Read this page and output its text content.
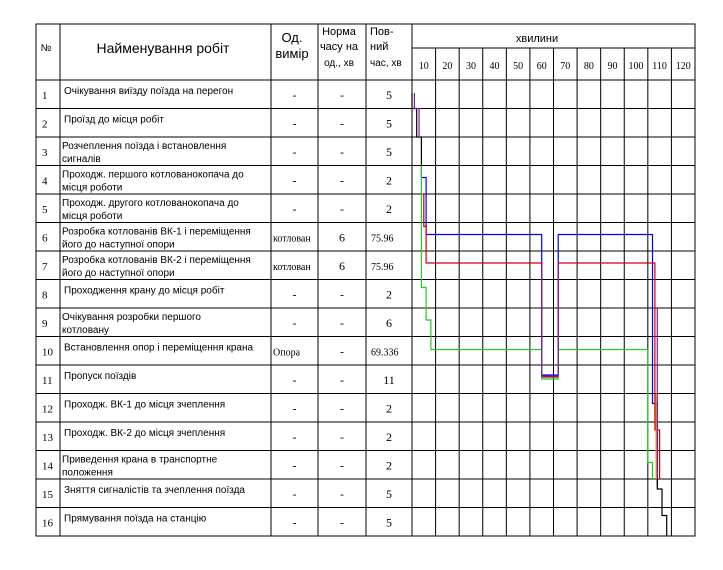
№	Найменування робіт
Од.
вимір
Норма
часу на
од., хв
Пов-
ний
час, хв
хвилини
10 20 30 40 50 60 70 80 90 100 110 120
1 Очікування виїзду поїзда на перегон	-	-	5
2 Проїзд до місця робіт	-	-	5
3
Розчеплення поїзда і встановлення
сигналів
-	-	5
4
Проходж. першого котлованокопача до
місця роботи
-	-	2
5
Проходж. другого котлованокопача до
місця роботи
-	-	2
6
Розробка котлованів ВК-1 і переміщення
його до наступної опори
котлован 6	75.96
7
Розробка котлованів ВК-2 і переміщення
його до наступної опори
котлован 6	75.96
8 Проходження крану до місця робіт	-	-	2
9
Очікування розробки першого
котловану
-	-	6
10 Встановлення опор і переміщення крана Опора	-	69.336
11 Пропуск поїздів	-	-	11
12 Проходж. ВК-1 до місця зчеплення	-	-	2
13 Проходж. ВК-2 до місця зчеплення	-	-	2
14
Приведення крана в транспортне
положення
-	-	2
15 Зняття сигналістів та зчеплення поїзда	-	-	5
16 Прямування поїзда на станцію	-	-	5
